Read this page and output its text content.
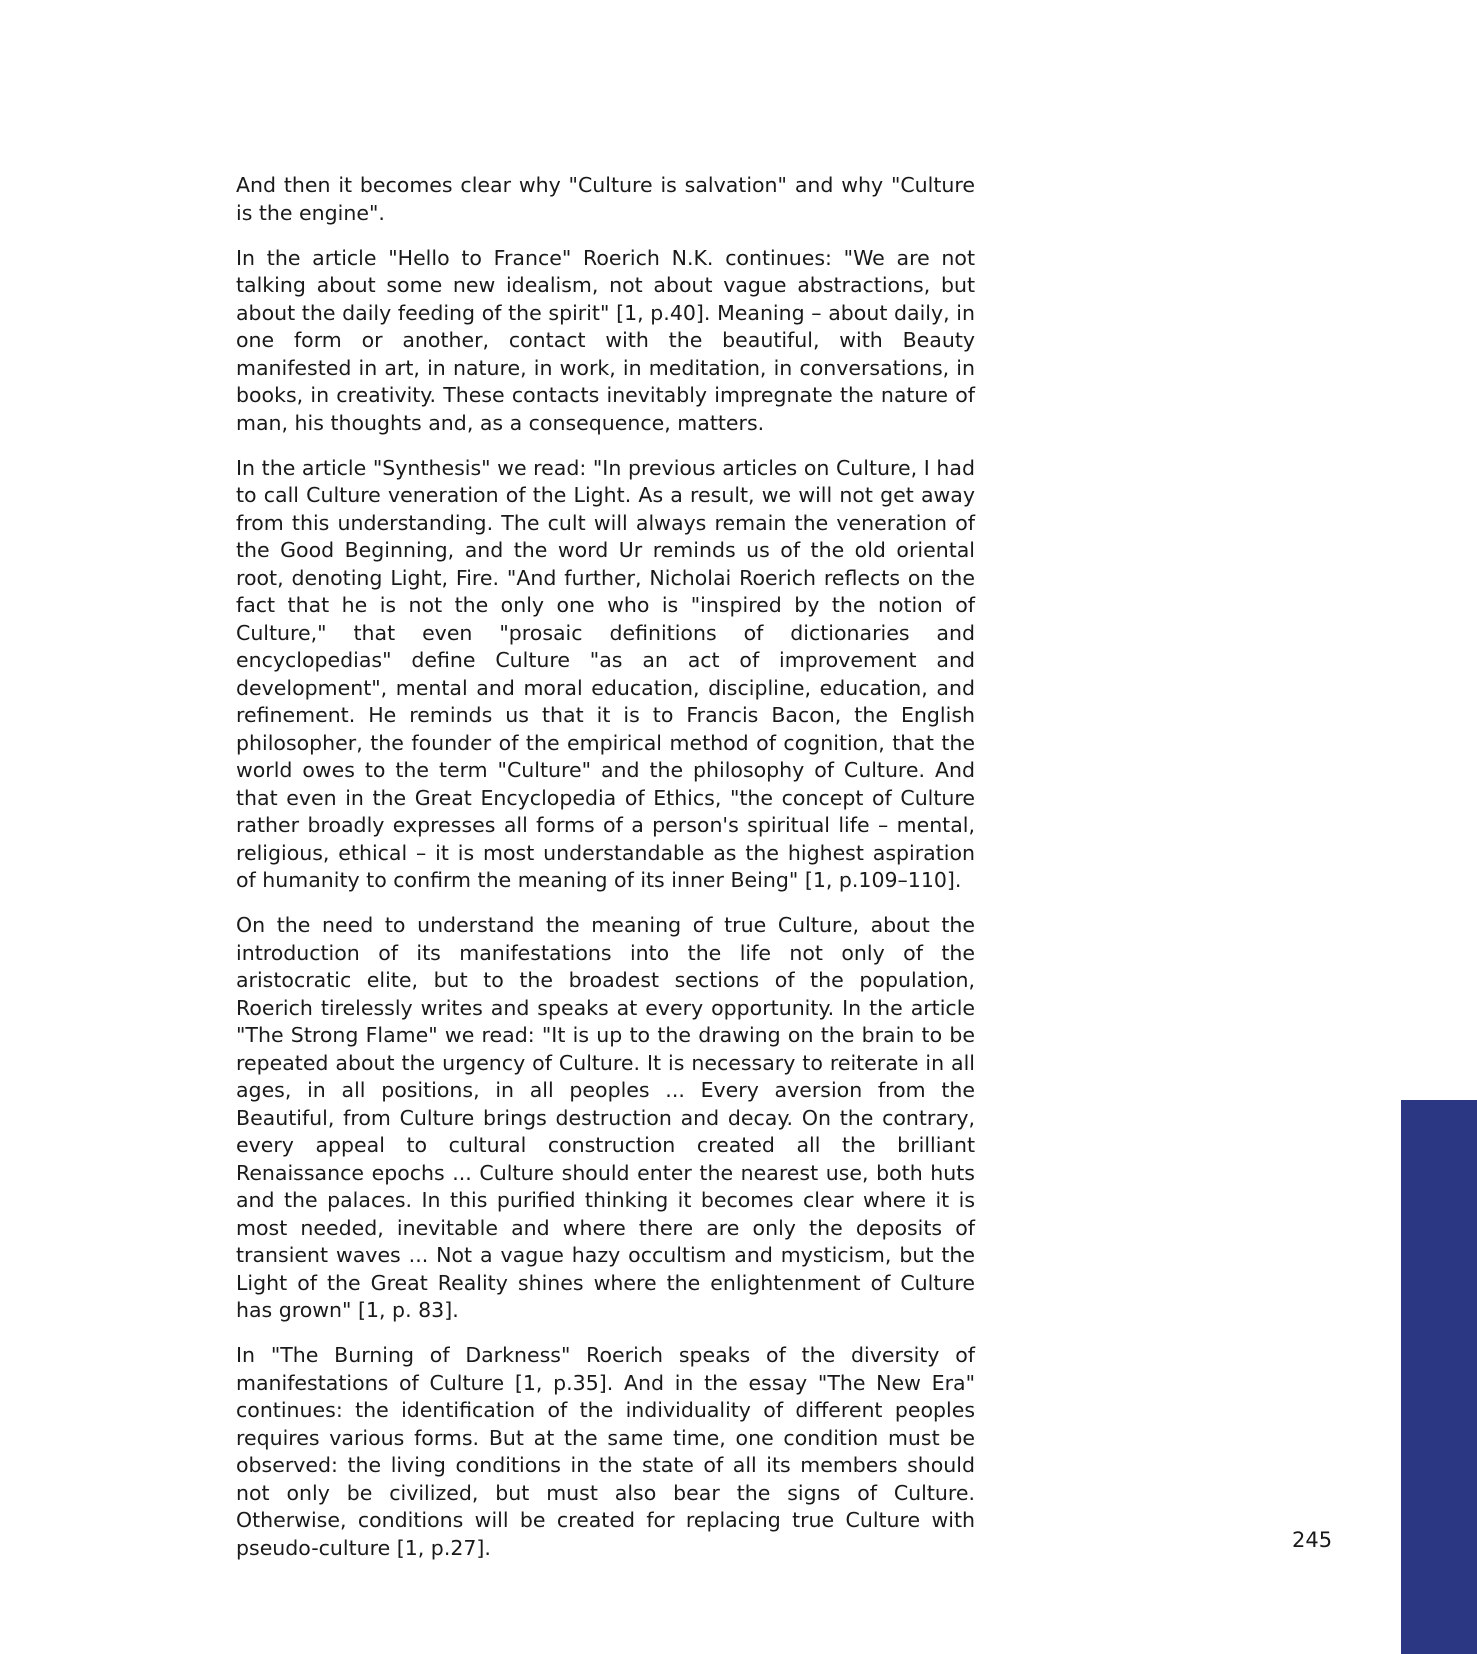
And then it becomes clear why "Culture is salvation" and why "Culture is the engine".

In the article "Hello to France" Roerich N.K. continues: "We are not talking about some new idealism, not about vague abstractions, but about the daily feeding of the spirit" [1, p.40]. Meaning – about daily, in one form or another, contact with the beautiful, with Beauty manifested in art, in nature, in work, in meditation, in conversations, in books, in creativity. These contacts inevitably impregnate the nature of man, his thoughts and, as a consequence, matters.

In the article "Synthesis" we read: "In previous articles on Culture, I had to call Culture veneration of the Light. As a result, we will not get away from this understanding. The cult will always remain the veneration of the Good Beginning, and the word Ur reminds us of the old oriental root, denoting Light, Fire. "And further, Nicholai Roerich reflects on the fact that he is not the only one who is "inspired by the notion of Culture," that even "prosaic definitions of dictionaries and encyclopedias" define Culture "as an act of improvement and development", mental and moral education, discipline, education, and refinement. He reminds us that it is to Francis Bacon, the English philosopher, the founder of the empirical method of cognition, that the world owes to the term "Culture" and the philosophy of Culture. And that even in the Great Encyclopedia of Ethics, "the concept of Culture rather broadly expresses all forms of a person's spiritual life – mental, religious, ethical – it is most understandable as the highest aspiration of humanity to confirm the meaning of its inner Being" [1, p.109–110].

On the need to understand the meaning of true Culture, about the introduction of its manifestations into the life not only of the aristocratic elite, but to the broadest sections of the population, Roerich tirelessly writes and speaks at every opportunity. In the article "The Strong Flame" we read: "It is up to the drawing on the brain to be repeated about the urgency of Culture. It is necessary to reiterate in all ages, in all positions, in all peoples ... Every aversion from the Beautiful, from Culture brings destruction and decay. On the contrary, every appeal to cultural construction created all the brilliant Renaissance epochs ... Culture should enter the nearest use, both huts and the palaces. In this purified thinking it becomes clear where it is most needed, inevitable and where there are only the deposits of transient waves ... Not a vague hazy occultism and mysticism, but the Light of the Great Reality shines where the enlightenment of Culture has grown" [1, p. 83].

In "The Burning of Darkness" Roerich speaks of the diversity of manifestations of Culture [1, p.35]. And in the essay "The New Era" continues: the identification of the individuality of different peoples requires various forms. But at the same time, one condition must be observed: the living conditions in the state of all its members should not only be civilized, but must also bear the signs of Culture. Otherwise, conditions will be created for replacing true Culture with pseudo-culture [1, p.27].	245
